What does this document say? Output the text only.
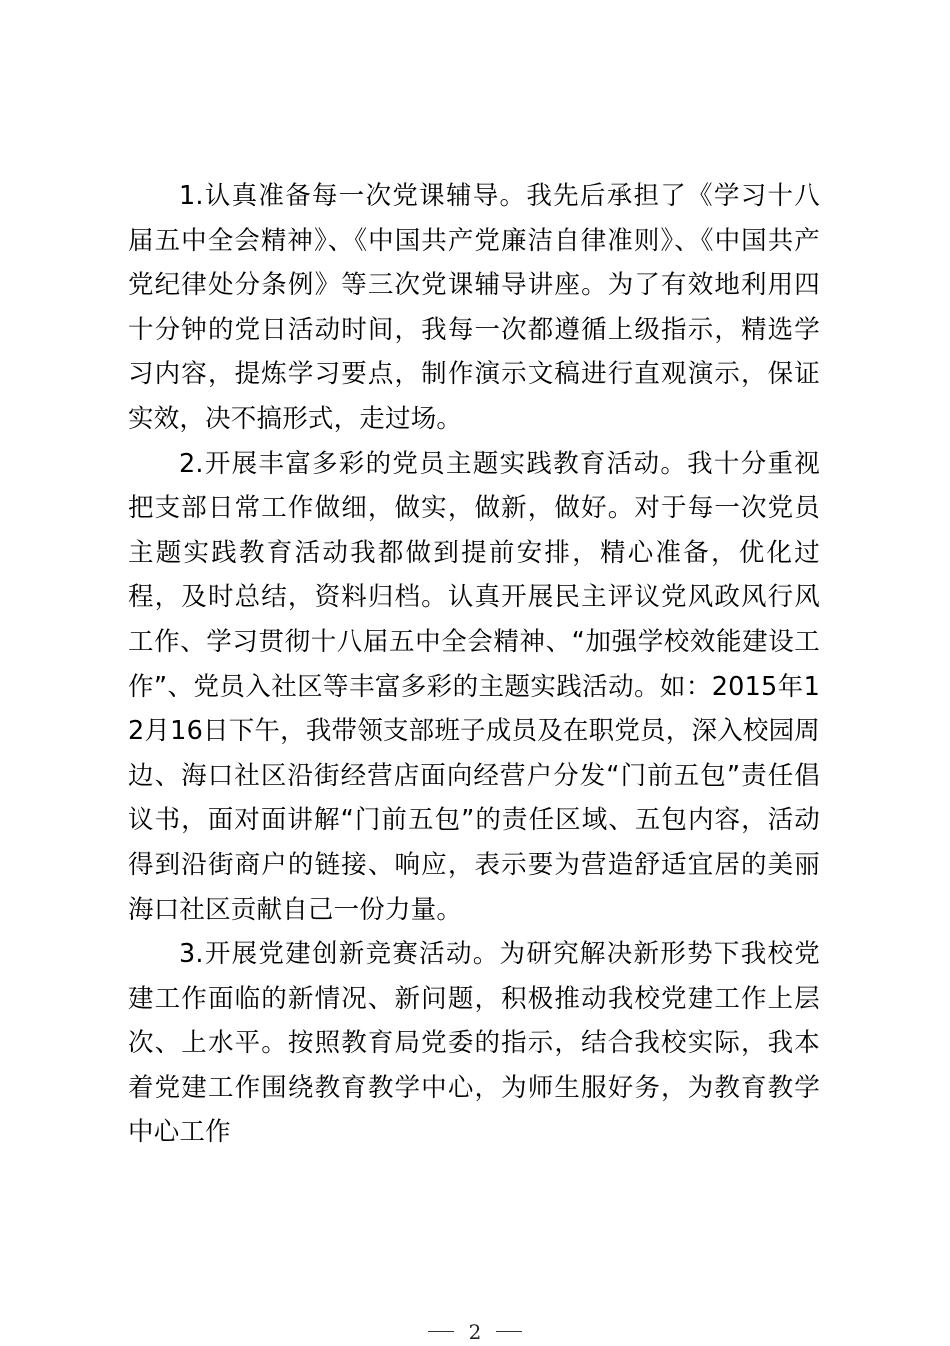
1.认真准备每一次党课辅导。我先后承担了《学习十八届五中全会精神》、《中国共产党廉洁自律准则》、《中国共产党纪律处分条例》等三次党课辅导讲座。为了有效地利用四十分钟的党日活动时间，我每一次都遵循上级指示，精选学习内容，提炼学习要点，制作演示文稿进行直观演示，保证实效，决不搞形式，走过场。

2.开展丰富多彩的党员主题实践教育活动。我十分重视把支部日常工作做细，做实，做新，做好。对于每一次党员主题实践教育活动我都做到提前安排，精心准备，优化过程，及时总结，资料归档。认真开展民主评议党风政风行风工作、学习贯彻十八届五中全会精神、“加强学校效能建设工作”、党员入社区等丰富多彩的主题实践活动。如：2015年12月16日下午，我带领支部班子成员及在职党员，深入校园周边、海口社区沿街经营店面向经营户分发“门前五包”责任倡议书，面对面讲解“门前五包”的责任区域、五包内容，活动得到沿街商户的链接、响应，表示要为营造舒适宜居的美丽海口社区贡献自己一份力量。

3.开展党建创新竞赛活动。为研究解决新形势下我校党建工作面临的新情况、新问题，积极推动我校党建工作上层次、上水平。按照教育局党委的指示，结合我校实际，我本着党建工作围绕教育教学中心，为师生服好务，为教育教学中心工作

2
